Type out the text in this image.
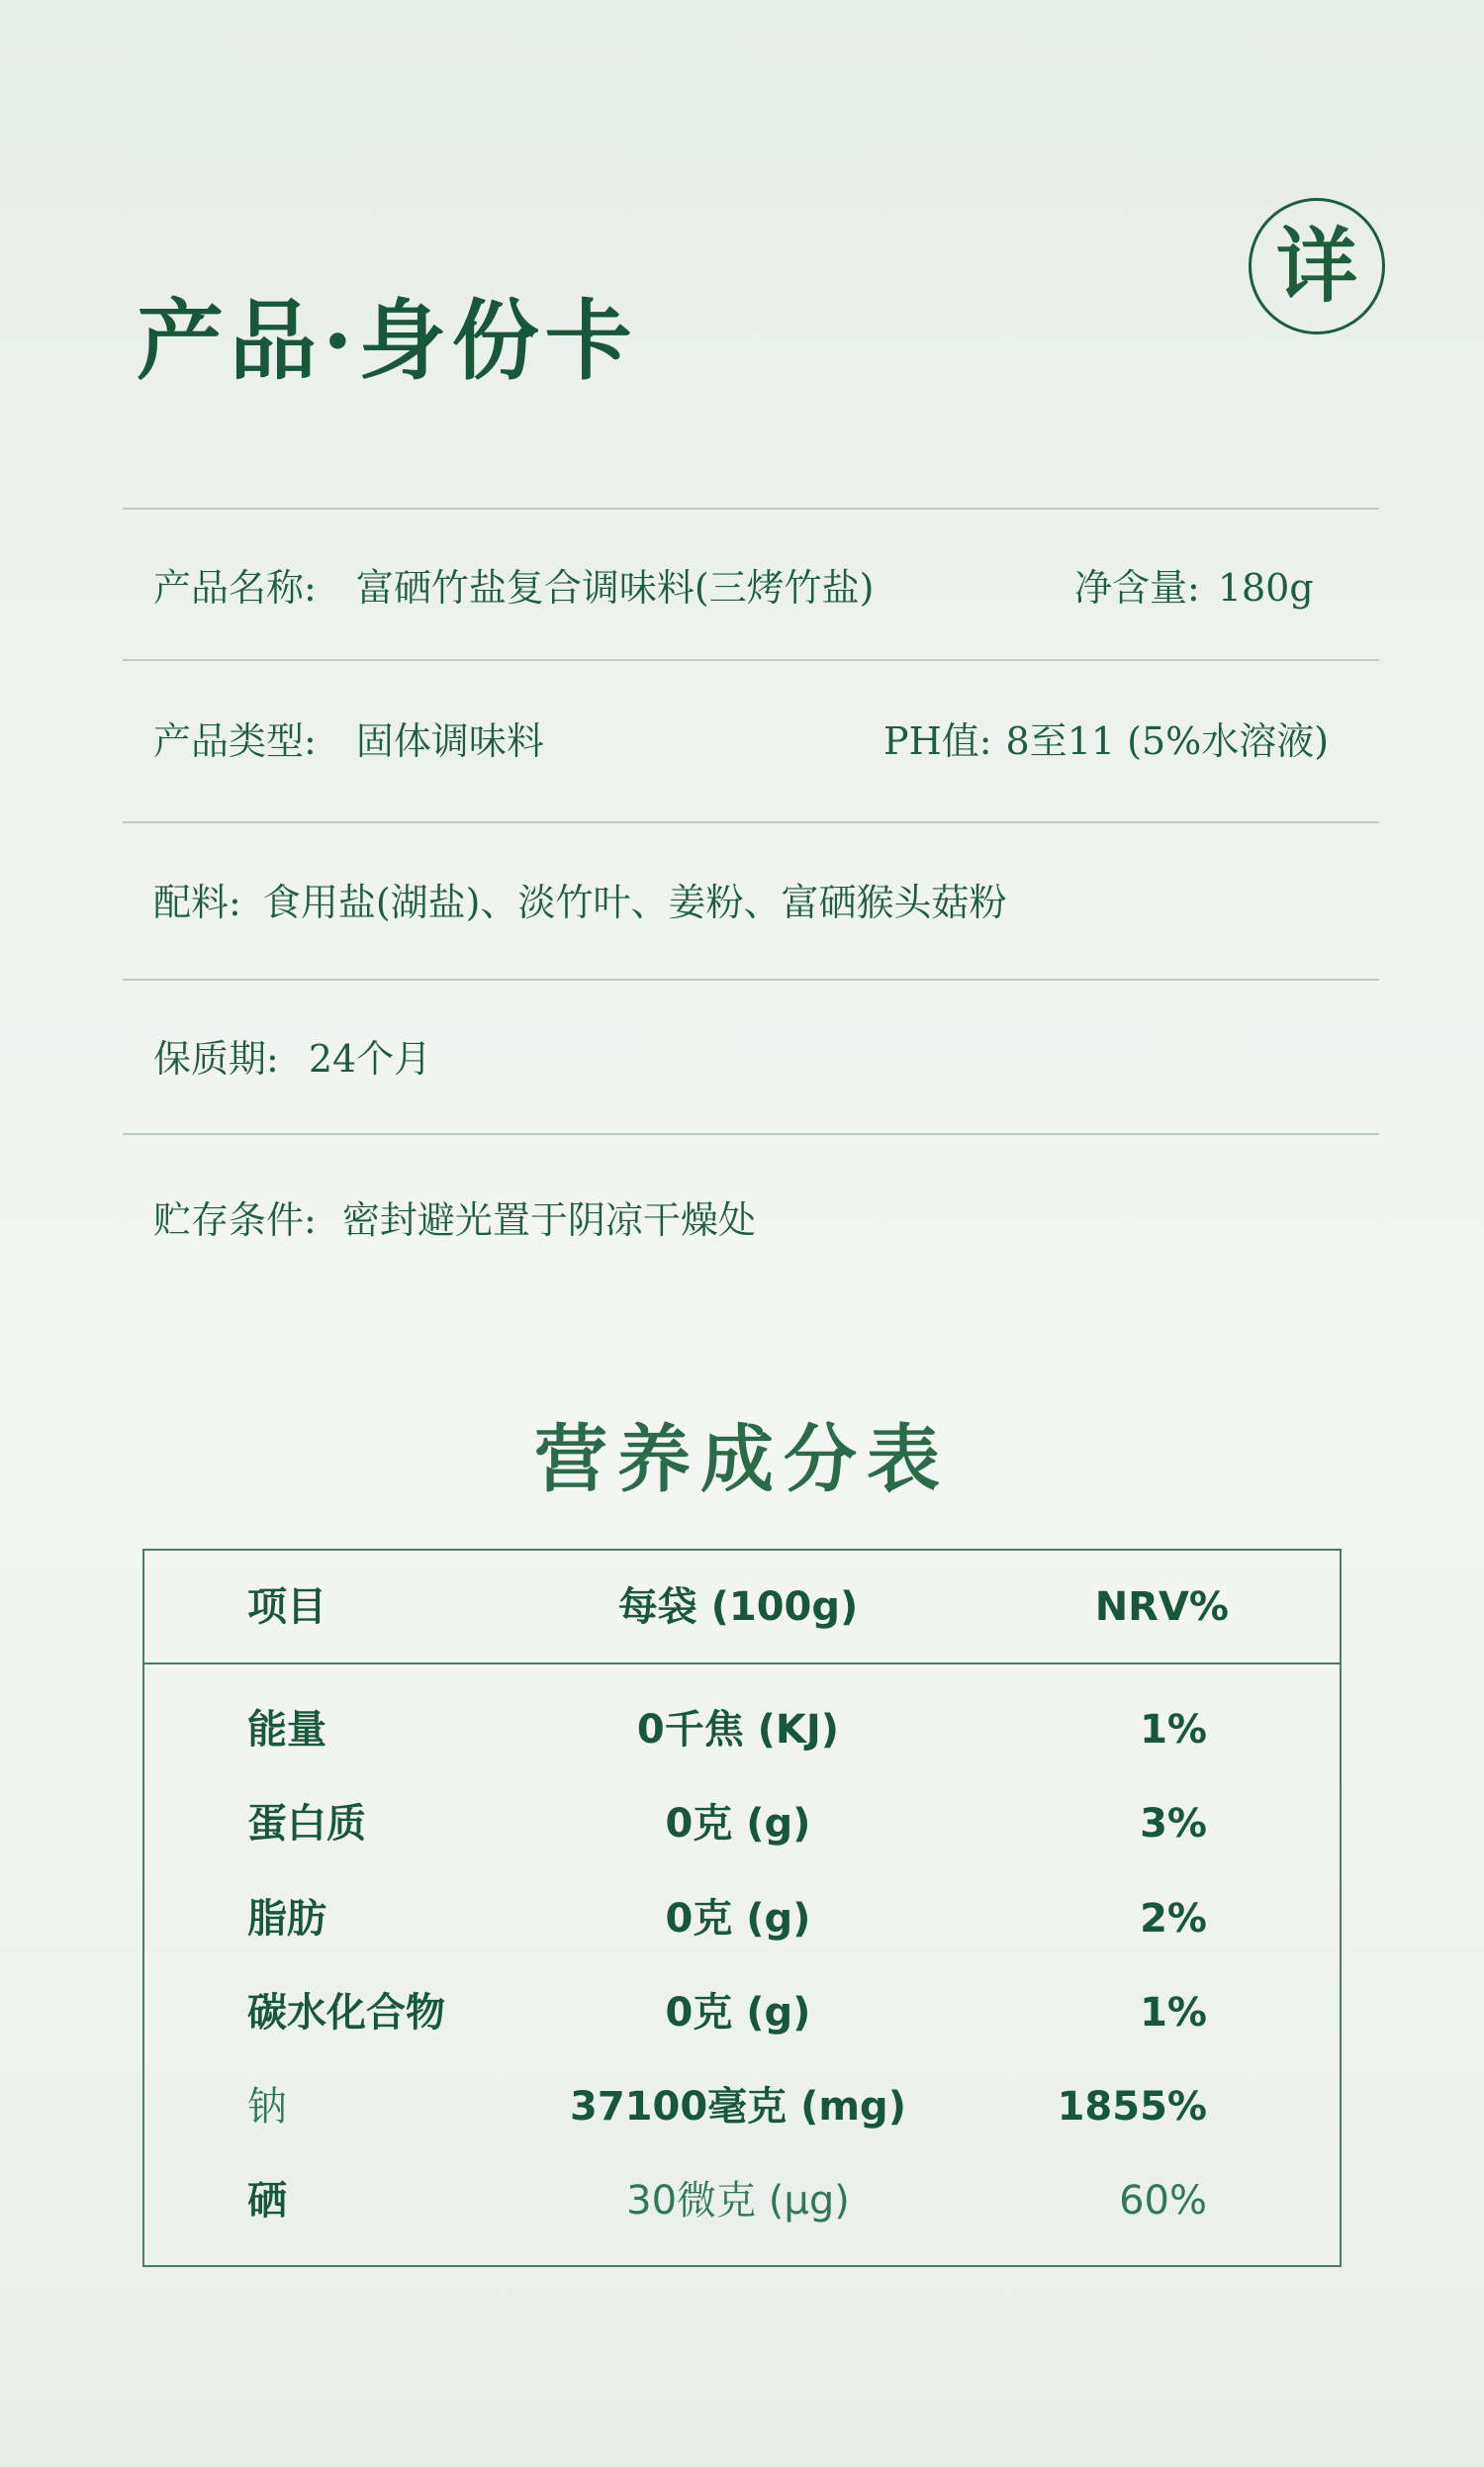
详
产品·身份卡
产品名称: 富硒竹盐复合调味料(三烤竹盐)	净含量: 180g
产品类型: 固体调味料	PH值: 8至11 (5%水溶液)
配料: 食用盐(湖盐)、淡竹叶、姜粉、富硒猴头菇粉
保质期: 24个月
贮存条件: 密封避光置于阴凉干燥处
营养成分表
项目	每袋 (100g)	NRV%
能量	0千焦 (KJ)	1%
蛋白质	0克 (g)	3%
脂肪	0克 (g)	2%
碳水化合物	0克 (g)	1%
钠	37100毫克 (mg)	1855%
硒	30微克 (μg)	60%
